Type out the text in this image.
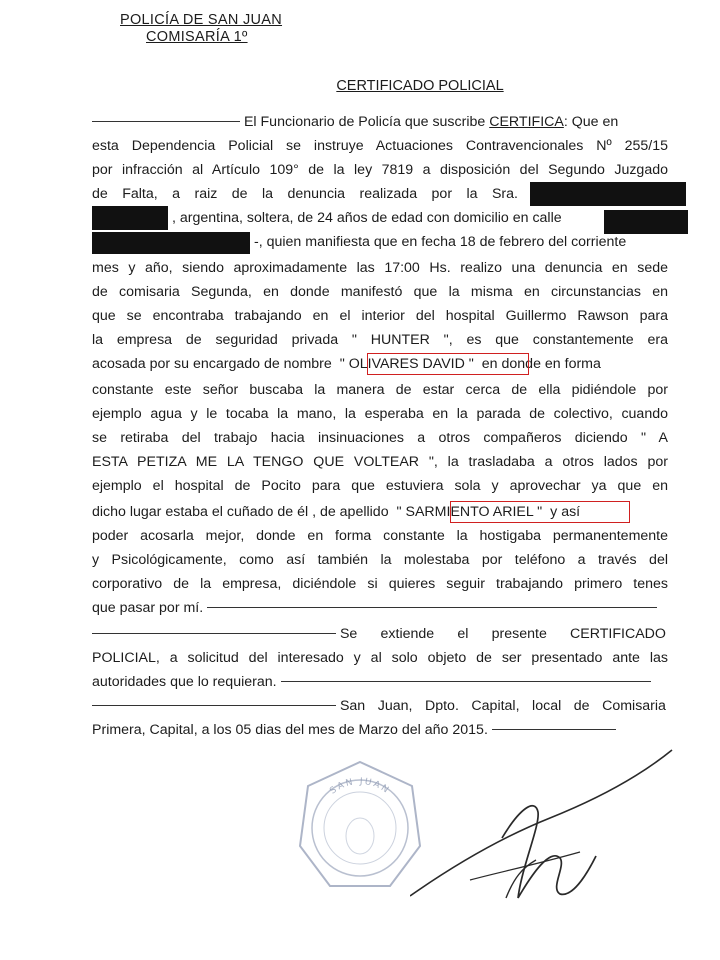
POLICÍA DE SAN JUAN
COMISARÍA 1º
CERTIFICADO POLICIAL
El Funcionario de Policía que suscribe CERTIFICA: Que en
esta Dependencia Policial se instruye Actuaciones Contravencionales Nº 255/15
por infracción al Artículo 109° de la ley 7819 a disposición del Segundo Juzgado
de Falta, a raiz de la denuncia realizada por la Sra.
, argentina, soltera, de 24 años de edad con domicilio en calle
-, quien manifiesta que en fecha 18 de febrero del corriente
mes y año, siendo aproximadamente las 17:00 Hs. realizo una denuncia en sede
de comisaria Segunda, en donde manifestó que la misma en circunstancias en
que se encontraba trabajando en el interior del hospital Guillermo Rawson para
la empresa de seguridad privada " HUNTER ", es que constantemente era
acosada por su encargado de nombre " OLIVARES DAVID " en donde en forma
constante este señor buscaba la manera de estar cerca de ella pidiéndole por
ejemplo agua y le tocaba la mano, la esperaba en la parada de colectivo, cuando
se retiraba del trabajo hacia insinuaciones a otros compañeros diciendo " A
ESTA PETIZA ME LA TENGO QUE VOLTEAR ", la trasladaba a otros lados por
ejemplo el hospital de Pocito para que estuviera sola y aprovechar ya que en
dicho lugar estaba el cuñado de él , de apellido " SARMIENTO ARIEL " y así
poder acosarla mejor, donde en forma constante la hostigaba permanentemente
y Psicológicamente, como así también la molestaba por teléfono a través del
corporativo de la empresa, diciéndole si quieres seguir trabajando primero tenes
que pasar por mí.
Se extiende el presente CERTIFICADO
POLICIAL, a solicitud del interesado y al solo objeto de ser presentado ante las
autoridades que lo requieran.
San Juan, Dpto. Capital, local de Comisaria
Primera, Capital, a los 05 dias del mes de Marzo del año 2015.
SAN JUAN
